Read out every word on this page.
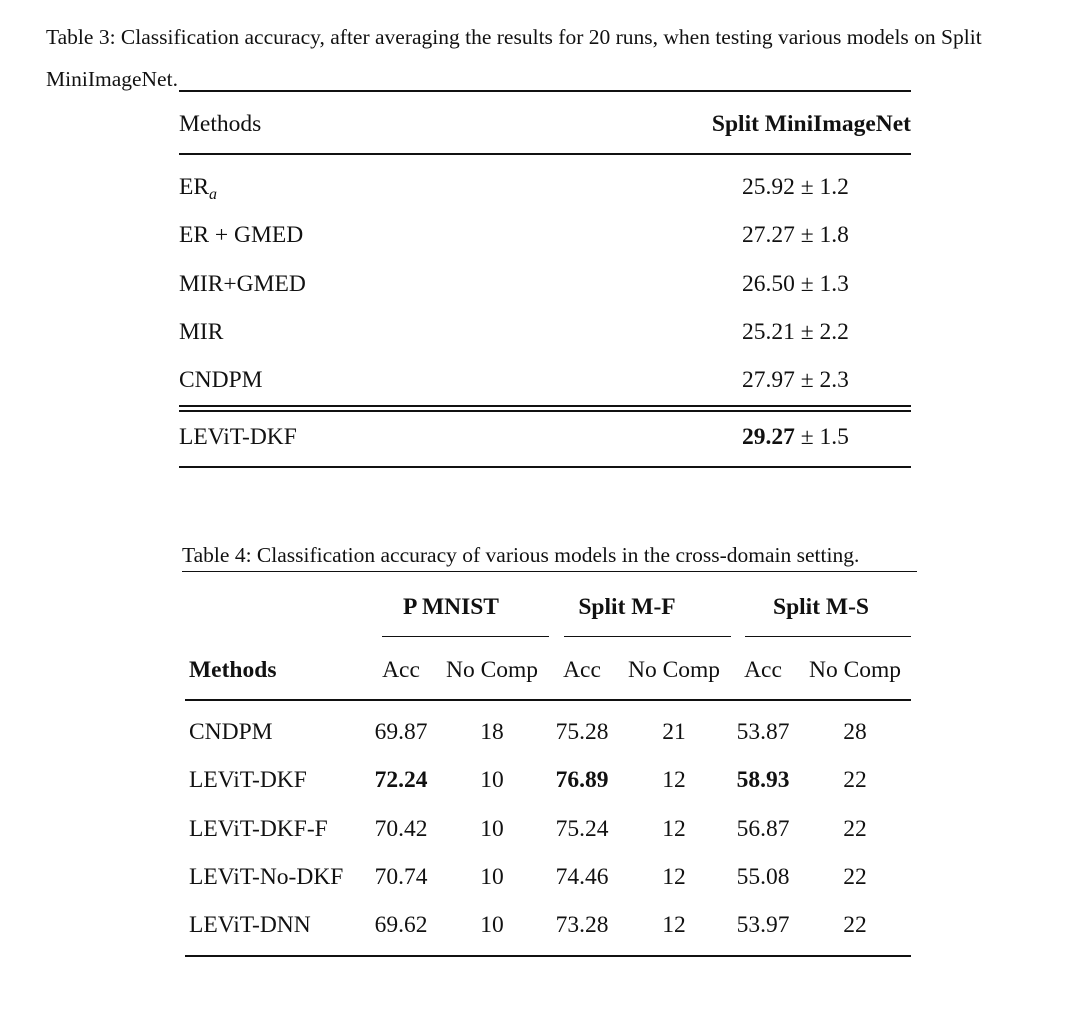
Table 3: Classification accuracy, after averaging the results for 20 runs, when testing various models on Split MiniImageNet.

Methods	Split MiniImageNet
$ER_a$	25.92 ± 1.2
ER + GMED	27.27 ± 1.8
MIR+GMED	26.50 ± 1.3
MIR	25.21 ± 2.2
CNDPM	27.97 ± 2.3
LEViT-DKF	29.27 ± 1.5

Table 4: Classification accuracy of various models in the cross-domain setting.

P MNIST	Split M-F	Split M-S
Methods	Acc No Comp Acc No Comp Acc No Comp
CNDPM	69.87 18 75.28 21 53.87 28
LEViT-DKF	72.24 10 76.89 12 58.93 22
LEViT-DKF-F 70.42 10 75.24 12 56.87 22
LEViT-No-DKF 70.74 10 74.46 12 55.08 22
LEViT-DNN	69.62 10 73.28 12 53.97 22
